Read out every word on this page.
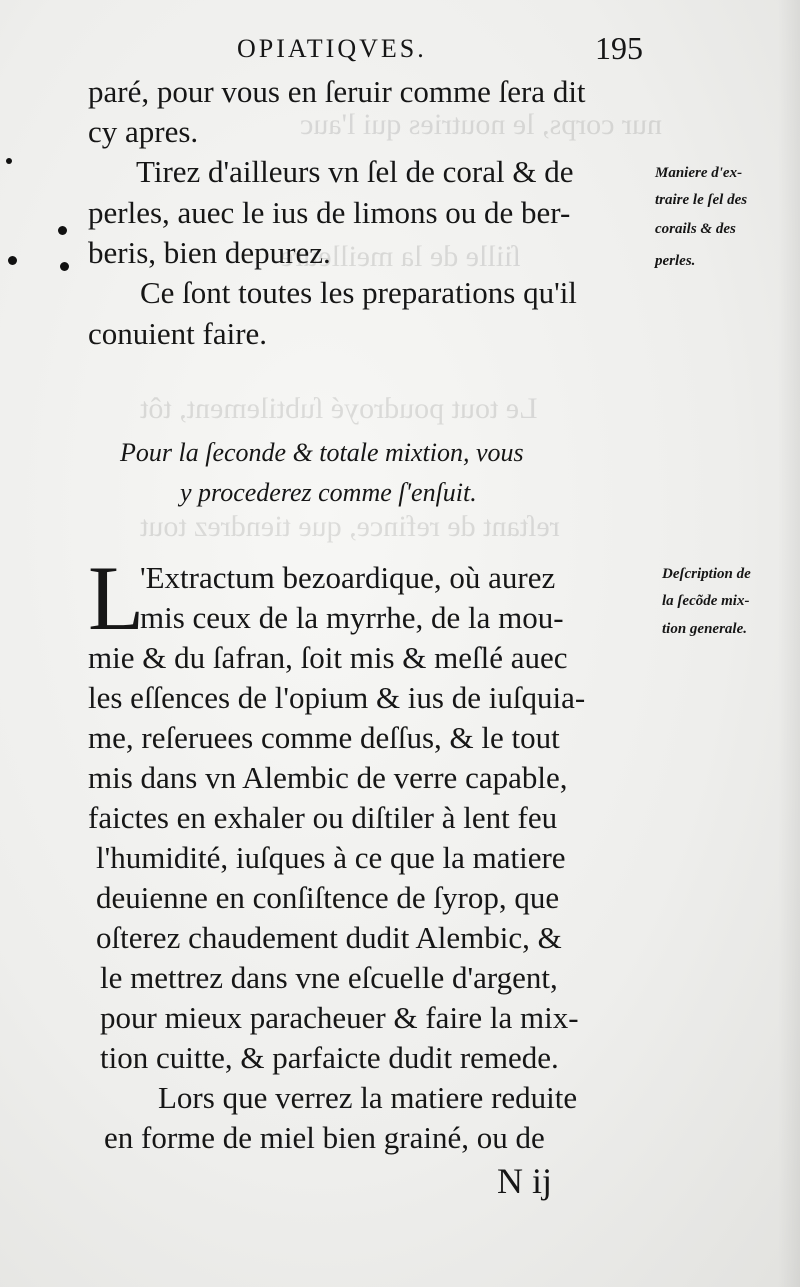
nur corps, le noutries qui l'auc
ſiille de la meilleure
Le tout poudroyé ſubtilement, tôt
reſtant de refince, que tiendrez tout
OPIATIQVES.	195
paré, pour vous en ſeruir comme ſera dit
cy apres.
Tirez d'ailleurs vn ſel de coral & de
perles, auec le ius de limons ou de ber-
beris, bien depurez.
Ce ſont toutes les preparations qu'il
conuient faire.
Pour la ſeconde & totale mixtion, vous
y procederez comme ſ'enſuit.
L
'Extractum bezoardique, où aurez
mis ceux de la myrrhe, de la mou-
mie & du ſafran, ſoit mis & meſlé auec
les eſſences de l'opium & ius de iuſquia-
me, reſeruees comme deſſus, & le tout
mis dans vn Alembic de verre capable,
faictes en exhaler ou diſtiler à lent feu
l'humidité, iuſques à ce que la matiere
deuienne en conſiſtence de ſyrop, que
oſterez chaudement dudit Alembic, &
le mettrez dans vne eſcuelle d'argent,
pour mieux paracheuer & faire la mix-
tion cuitte, & parfaicte dudit remede.
Lors que verrez la matiere reduite
en forme de miel bien grainé, ou de
N ij
Maniere d'ex-
traire le ſel des
corails & des
perles.
Deſcription de
la ſecõde mix-
tion generale.
